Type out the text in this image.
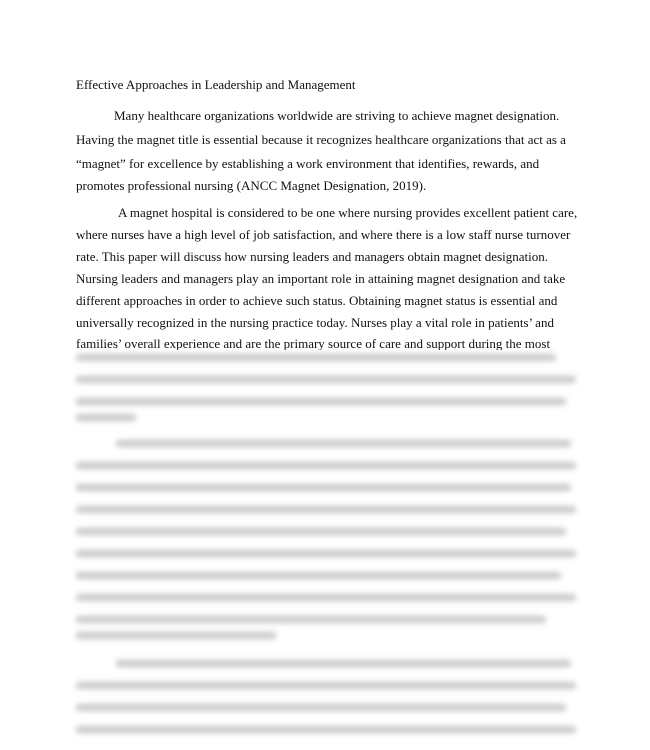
Effective Approaches in Leadership and Management
Many healthcare organizations worldwide are striving to achieve magnet designation.
Having the magnet title is essential because it recognizes healthcare organizations that act as a
“magnet” for excellence by establishing a work environment that identifies, rewards, and
promotes professional nursing (ANCC Magnet Designation, 2019).
A magnet hospital is considered to be one where nursing provides excellent patient care,
where nurses have a high level of job satisfaction, and where there is a low staff nurse turnover
rate. This paper will discuss how nursing leaders and managers obtain magnet designation.
Nursing leaders and managers play an important role in attaining magnet designation and take
different approaches in order to achieve such status. Obtaining magnet status is essential and
universally recognized in the nursing practice today. Nurses play a vital role in patients’ and
families’ overall experience and are the primary source of care and support during the most
